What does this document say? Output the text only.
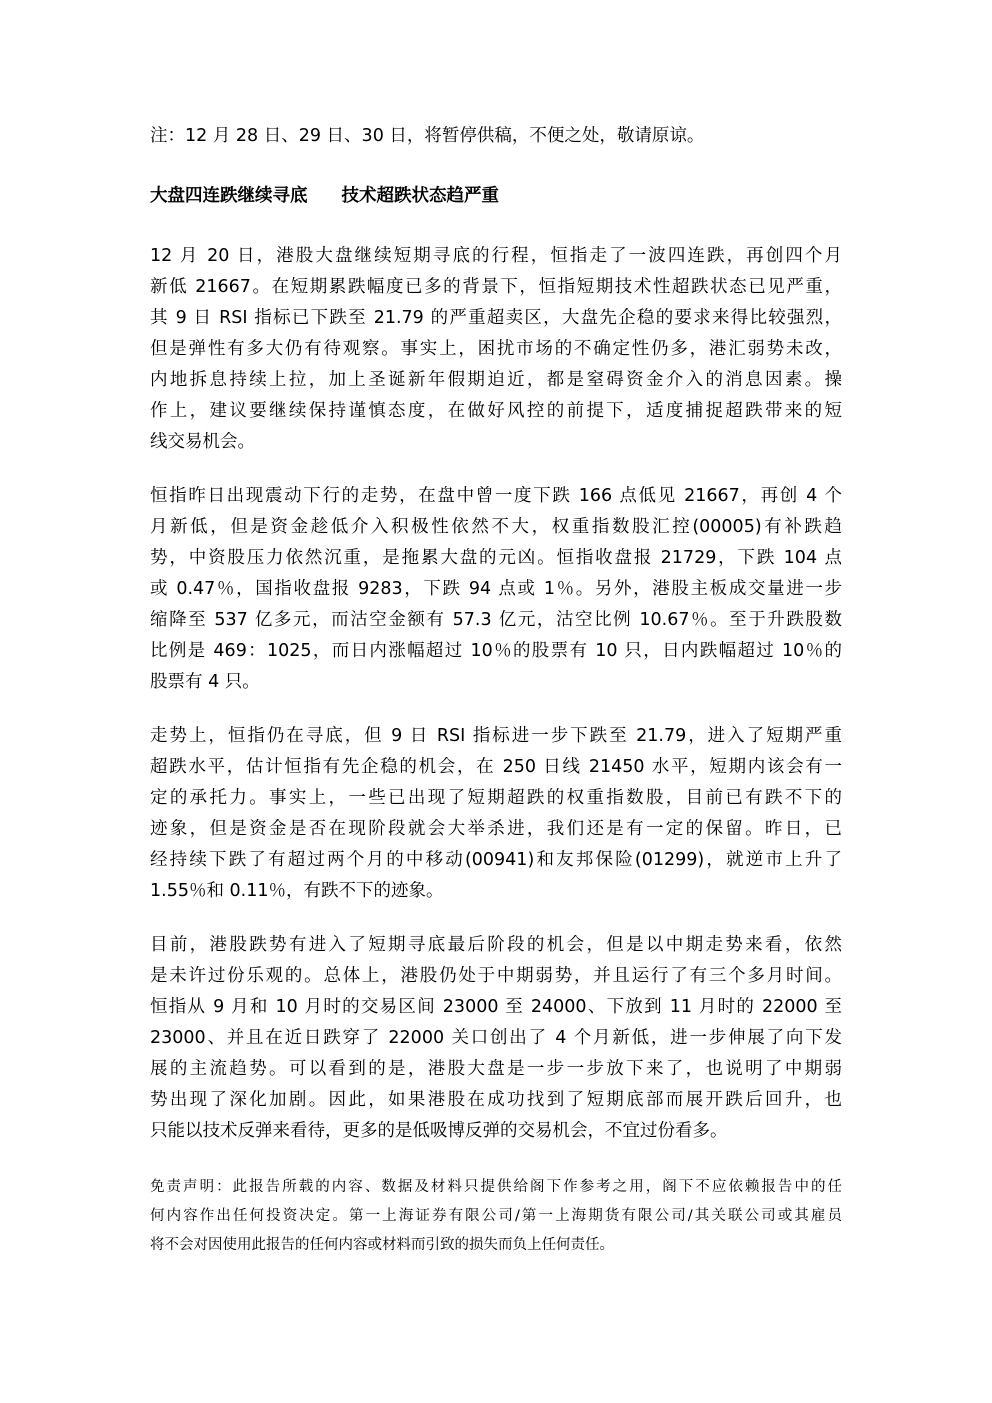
注：12 月 28 日、29 日、30 日，将暂停供稿，不便之处，敬请原谅。
大盘四连跌继续寻底 技术超跌状态趋严重
12 月 20 日，港股大盘继续短期寻底的行程，恒指走了一波四连跌，再创四个月
新低 21667。在短期累跌幅度已多的背景下，恒指短期技术性超跌状态已见严重，
其 9 日 RSI 指标已下跌至 21.79 的严重超卖区，大盘先企稳的要求来得比较强烈，
但是弹性有多大仍有待观察。事实上，困扰市场的不确定性仍多，港汇弱势未改，
内地拆息持续上拉，加上圣诞新年假期迫近，都是窒碍资金介入的消息因素。操
作上，建议要继续保持谨慎态度，在做好风控的前提下，适度捕捉超跌带来的短
线交易机会。
恒指昨日出现震动下行的走势，在盘中曾一度下跌 166 点低见 21667，再创 4 个
月新低，但是资金趁低介入积极性依然不大，权重指数股汇控(00005)有补跌趋
势，中资股压力依然沉重，是拖累大盘的元凶。恒指收盘报 21729，下跌 104 点
或 0.47％，国指收盘报 9283，下跌 94 点或 1％。另外，港股主板成交量进一步
缩降至 537 亿多元，而沽空金额有 57.3 亿元，沽空比例 10.67％。至于升跌股数
比例是 469：1025，而日内涨幅超过 10％的股票有 10 只，日内跌幅超过 10％的
股票有 4 只。
走势上，恒指仍在寻底，但 9 日 RSI 指标进一步下跌至 21.79，进入了短期严重
超跌水平，估计恒指有先企稳的机会，在 250 日线 21450 水平，短期内该会有一
定的承托力。事实上，一些已出现了短期超跌的权重指数股，目前已有跌不下的
迹象，但是资金是否在现阶段就会大举杀进，我们还是有一定的保留。昨日，已
经持续下跌了有超过两个月的中移动(00941)和友邦保险(01299)，就逆市上升了
1.55％和 0.11％，有跌不下的迹象。
目前，港股跌势有进入了短期寻底最后阶段的机会，但是以中期走势来看，依然
是未许过份乐观的。总体上，港股仍处于中期弱势，并且运行了有三个多月时间。
恒指从 9 月和 10 月时的交易区间 23000 至 24000、下放到 11 月时的 22000 至
23000、并且在近日跌穿了 22000 关口创出了 4 个月新低，进一步伸展了向下发
展的主流趋势。可以看到的是，港股大盘是一步一步放下来了，也说明了中期弱
势出现了深化加剧。因此，如果港股在成功找到了短期底部而展开跌后回升，也
只能以技术反弹来看待，更多的是低吸博反弹的交易机会，不宜过份看多。
免责声明：此报告所载的内容、数据及材料只提供给阁下作参考之用，阁下不应依赖报告中的任
何内容作出任何投资决定。第一上海证券有限公司/第一上海期货有限公司/其关联公司或其雇员
将不会对因使用此报告的任何内容或材料而引致的损失而负上任何责任。
